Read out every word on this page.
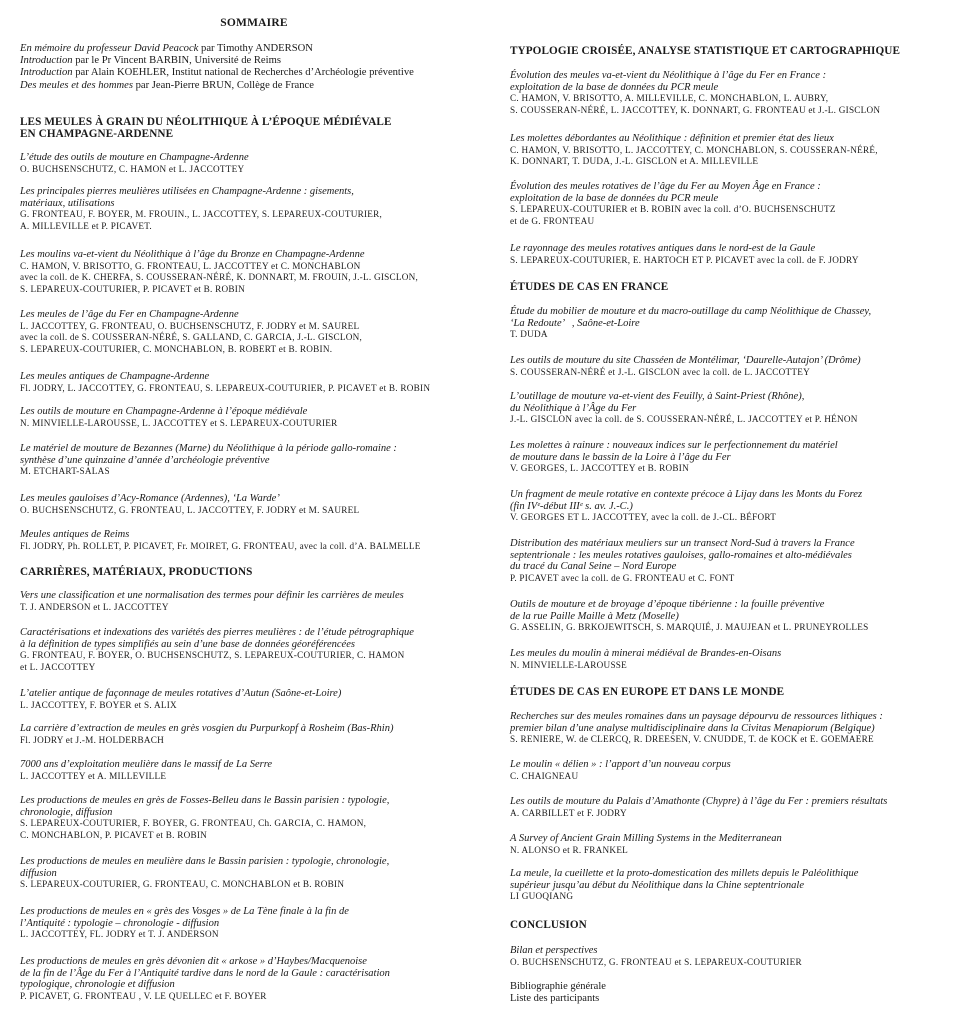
SOMMAIRE
En mémoire du professeur David Peacock par Timothy ANDERSON
Introduction par le Pr Vincent BARBIN, Université de Reims
Introduction par Alain KOEHLER, Institut national de Recherches d’Archéologie préventive
Des meules et des hommes par Jean-Pierre BRUN, Collège de France
LES MEULES À GRAIN DU NÉOLITHIQUE À L’ÉPOQUE MÉDIÉVALE
EN CHAMPAGNE-ARDENNE
L’étude des outils de mouture en Champagne-Ardenne
O. BUCHSENSCHUTZ, C. HAMON et L. JACCOTTEY
Les principales pierres meulières utilisées en Champagne-Ardenne : gisements,
matériaux, utilisations
G. FRONTEAU, F. BOYER, M. FROUIN., L. JACCOTTEY, S. LEPAREUX-COUTURIER,
A. MILLEVILLE et P. PICAVET.
Les moulins va-et-vient du Néolithique à l’âge du Bronze en Champagne-Ardenne
C. HAMON, V. BRISOTTO, G. FRONTEAU, L. JACCOTTEY et C. MONCHABLON
avec la coll. de K. CHERFA, S. COUSSERAN-NÉRÉ, K. DONNART, M. FROUIN, J.-L. GISCLON,
S. LEPAREUX-COUTURIER, P. PICAVET et B. ROBIN
Les meules de l’âge du Fer en Champagne-Ardenne
L. JACCOTTEY, G. FRONTEAU, O. BUCHSENSCHUTZ, F. JODRY et M. SAUREL
avec la coll. de S. COUSSERAN-NÉRÉ, S. GALLAND, C. GARCIA, J.-L. GISCLON,
S. LEPAREUX-COUTURIER, C. MONCHABLON, B. ROBERT et B. ROBIN.
Les meules antiques de Champagne-Ardenne
Fl. JODRY, L. JACCOTTEY, G. FRONTEAU, S. LEPAREUX-COUTURIER, P. PICAVET et B. ROBIN
Les outils de mouture en Champagne-Ardenne à l’époque médiévale
N. MINVIELLE-LAROUSSE, L. JACCOTTEY et S. LEPAREUX-COUTURIER
Le matériel de mouture de Bezannes (Marne) du Néolithique à la période gallo-romaine :
synthèse d’une quinzaine d’année d’archéologie préventive
M. ETCHART-SALAS
Les meules gauloises d’Acy-Romance (Ardennes), ‘La Warde’
O. BUCHSENSCHUTZ, G. FRONTEAU, L. JACCOTTEY, F. JODRY et M. SAUREL
Meules antiques de Reims
Fl. JODRY, Ph. ROLLET, P. PICAVET, Fr. MOIRET, G. FRONTEAU, avec la coll. d’A. BALMELLE
CARRIÈRES, MATÉRIAUX, PRODUCTIONS
Vers une classification et une normalisation des termes pour définir les carrières de meules
T. J. ANDERSON et L. JACCOTTEY
Caractérisations et indexations des variétés des pierres meulières : de l’étude pétrographique
à la définition de types simplifiés au sein d’une base de données géoréférencées
G. FRONTEAU, F. BOYER, O. BUCHSENSCHUTZ, S. LEPAREUX-COUTURIER, C. HAMON
et L. JACCOTTEY
L’atelier antique de façonnage de meules rotatives d’Autun (Saône-et-Loire)
L. JACCOTTEY, F. BOYER et S. ALIX
La carrière d’extraction de meules en grès vosgien du Purpurkopf à Rosheim (Bas-Rhin)
Fl. JODRY et J.-M. HOLDERBACH
7000 ans d’exploitation meulière dans le massif de La Serre
L. JACCOTTEY et A. MILLEVILLE
Les productions de meules en grès de Fosses-Belleu dans le Bassin parisien : typologie,
chronologie, diffusion
S. LEPAREUX-COUTURIER, F. BOYER, G. FRONTEAU, Ch. GARCIA, C. HAMON,
C. MONCHABLON, P. PICAVET et B. ROBIN
Les productions de meules en meulière dans le Bassin parisien : typologie, chronologie,
diffusion
S. LEPAREUX-COUTURIER, G. FRONTEAU, C. MONCHABLON et B. ROBIN
Les productions de meules en « grès des Vosges » de La Tène finale à la fin de
l’Antiquité : typologie – chronologie - diffusion
L. JACCOTTEY, FL. JODRY et T. J. ANDERSON
Les productions de meules en grès dévonien dit « arkose » d’Haybes/Macquenoise
de la fin de l’Âge du Fer à l’Antiquité tardive dans le nord de la Gaule : caractérisation
typologique, chronologie et diffusion
P. PICAVET, G. FRONTEAU , V. LE QUELLEC et F. BOYER
TYPOLOGIE CROISÉE, ANALYSE STATISTIQUE ET CARTOGRAPHIQUE
Évolution des meules va-et-vient du Néolithique à l’âge du Fer en France :
exploitation de la base de données du PCR meule
C. HAMON, V. BRISOTTO, A. MILLEVILLE, C. MONCHABLON, L. AUBRY,
S. COUSSERAN-NÉRÉ, L. JACCOTTEY, K. DONNART, G. FRONTEAU et J.-L. GISCLON
Les molettes débordantes au Néolithique : définition et premier état des lieux
C. HAMON, V. BRISOTTO, L. JACCOTTEY, C. MONCHABLON, S. COUSSERAN-NÉRÉ,
K. DONNART, T. DUDA, J.-L. GISCLON et A. MILLEVILLE
Évolution des meules rotatives de l’âge du Fer au Moyen Âge en France :
exploitation de la base de données du PCR meule
S. LEPAREUX-COUTURIER et B. ROBIN avec la coll. d’O. BUCHSENSCHUTZ
et de G. FRONTEAU
Le rayonnage des meules rotatives antiques dans le nord-est de la Gaule
S. LEPAREUX-COUTURIER, E. HARTOCH ET P. PICAVET avec la coll. de F. JODRY
ÉTUDES DE CAS EN FRANCE
Étude du mobilier de mouture et du macro-outillage du camp Néolithique de Chassey,
‘La Redoute’   , Saône-et-Loire
T. DUDA
Les outils de mouture du site Chasséen de Montélimar, ‘Daurelle-Autajon’ (Drôme)
S. COUSSERAN-NÉRÉ et J.-L. GISCLON avec la coll. de L. JACCOTTEY
L’outillage de mouture va-et-vient des Feuilly, à Saint-Priest (Rhône),
du Néolithique à l’Âge du Fer
J.-L. GISCLON avec la coll. de S. COUSSERAN-NÉRÉ, L. JACCOTTEY et P. HÉNON
Les molettes à rainure : nouveaux indices sur le perfectionnement du matériel
de mouture dans le bassin de la Loire à l’âge du Fer
V. GEORGES, L. JACCOTTEY et B. ROBIN
Un fragment de meule rotative en contexte précoce à Lijay dans les Monts du Forez
(fin IVᵉ-début IIIᵉ s. av. J.-C.)
V. GEORGES ET L. JACCOTTEY, avec la coll. de J.-CL. BÉFORT
Distribution des matériaux meuliers sur un transect Nord-Sud à travers la France
septentrionale : les meules rotatives gauloises, gallo-romaines et alto-médiévales
du tracé du Canal Seine – Nord Europe
P. PICAVET avec la coll. de G. FRONTEAU et C. FONT
Outils de mouture et de broyage d’époque tibérienne : la fouille préventive
de la rue Paille Maille à Metz (Moselle)
G. ASSELIN, G. BRKOJEWITSCH, S. MARQUIÉ, J. MAUJEAN et L. PRUNEYROLLES
Les meules du moulin à minerai médiéval de Brandes-en-Oisans
N. MINVIELLE-LAROUSSE
ÉTUDES DE CAS EN EUROPE ET DANS LE MONDE
Recherches sur des meules romaines dans un paysage dépourvu de ressources lithiques :
premier bilan d’une analyse multidisciplinaire dans la Civitas Menapiorum (Belgique)
S. RENIERE, W. de CLERCQ, R. DREESEN, V. CNUDDE, T. de KOCK et E. GOEMAERE
Le moulin « délien » : l’apport d’un nouveau corpus
C. CHAIGNEAU
Les outils de mouture du Palais d’Amathonte (Chypre) à l’âge du Fer : premiers résultats
A. CARBILLET et F. JODRY
A Survey of Ancient Grain Milling Systems in the Mediterranean
N. ALONSO et R. FRANKEL
La meule, la cueillette et la proto-domestication des millets depuis le Paléolithique
supérieur jusqu’au début du Néolithique dans la Chine septentrionale
LI GUOQIANG
CONCLUSION
Bilan et perspectives
O. BUCHSENSCHUTZ, G. FRONTEAU et S. LEPAREUX-COUTURIER
Bibliographie générale
Liste des participants
